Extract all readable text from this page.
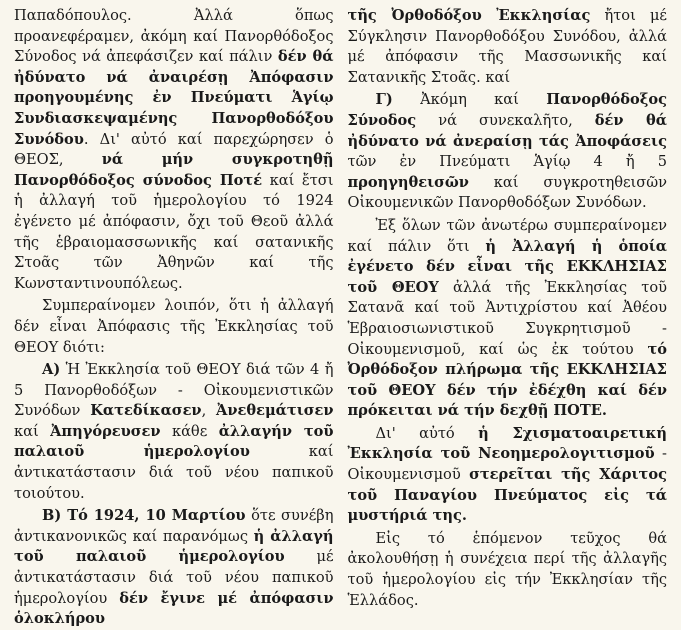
Παπαδόπουλος. Ἀλλά ὅπως προανεφέραμεν, ἀκόμη καί Πανορθόδοξος Σύνοδος νά ἀπεφάσιζεν καί πάλιν δέν θά ἠδύνατο νά ἀναιρέσῃ Ἀπόφασιν προηγουμένης ἐν Πνεύματι Ἁγίῳ Συνδιασκεψαμένης Πανορθοδόξου Συνόδου. Δι' αὐτό καί παρεχώρησεν ὁ ΘΕΟΣ, νά μήν συγκροτηθῇ Πανορθόδοξος σύνοδος Ποτέ καί ἔτσι ἡ ἀλλαγή τοῦ ἡμερολογίου τό 1924 ἐγένετο μέ ἀπόφασιν, ὄχι τοῦ Θεοῦ ἀλλά τῆς ἑβραιομασσωνικῆς καί σατανικῆς Στοᾶς τῶν Ἀθηνῶν καί τῆς Κωνσταντινουπόλεως.

Συμπεραίνομεν λοιπόν, ὅτι ἡ ἀλλαγή δέν εἶναι Ἀπόφασις τῆς Ἐκκλησίας τοῦ ΘΕΟΥ διότι:

Α) Ἡ Ἐκκλησία τοῦ ΘΕΟΥ διά τῶν 4 ἤ 5 Πανορθοδόξων - Οἰκουμενιστικῶν Συνόδων Κατεδίκασεν, Ἀνεθεμάτισεν καί Ἀπηγόρευσεν κάθε ἀλλαγήν τοῦ παλαιοῦ ἡμερολογίου καί ἀντικατάστασιν διά τοῦ νέου παπικοῦ τοιούτου.

Β) Τό 1924, 10 Μαρτίου ὅτε συνέβη ἀντικανονικῶς καί παρανόμως ἡ ἀλλαγή τοῦ παλαιοῦ ἡμερολογίου μέ ἀντικατάστασιν διά τοῦ νέου παπικοῦ ἡμερολογίου δέν ἔγινε μέ ἀπόφασιν ὁλοκλήρου

τῆς Ὀρθοδόξου Ἐκκλησίας ἤτοι μέ Σύγκλησιν Πανορθοδόξου Συνόδου, ἀλλά μέ ἀπόφασιν τῆς Μασσωνικῆς καί Σατανικῆς Στοᾶς. καί

Γ) Ἀκόμη καί Πανορθόδοξος Σύνοδος νά συνεκαλῆτο, δέν θά ἠδύνατο νά ἀνεραίσῃ τάς Ἀποφάσεις τῶν ἐν Πνεύματι Ἁγίῳ 4 ἤ 5 προηγηθεισῶν καί συγκροτηθεισῶν Οἰκουμενικῶν Πανορθοδόξων Συνόδων.

Ἐξ ὅλων τῶν ἀνωτέρω συμπεραίνομεν καί πάλιν ὅτι ἡ Ἀλλαγή ἡ ὁποία ἐγένετο δέν εἶναι τῆς ΕΚΚΛΗΣΙΑΣ τοῦ ΘΕΟΥ ἀλλά τῆς Ἐκκλησίας τοῦ Σατανᾶ καί τοῦ Ἀντιχρίστου καί Ἀθέου Ἑβραιοσιωνιστικοῦ Συγκρητισμοῦ - Οἰκουμενισμοῦ, καί ὡς ἐκ τούτου τό Ὀρθόδοξον πλήρωμα τῆς ΕΚΚΛΗΣΙΑΣ τοῦ ΘΕΟΥ δέν τήν ἐδέχθη καί δέν πρόκειται νά τήν δεχθῇ ΠΟΤΕ.

Δι' αὐτό ἡ Σχισματοαιρετική Ἐκκλησία τοῦ Νεοημερολογιτισμοῦ - Οἰκουμενισμοῦ στερεῖται τῆς Χάριτος τοῦ Παναγίου Πνεύματος εἰς τά μυστήριά της.

Εἰς τό ἑπόμενον τεῦχος θά ἀκολουθήσῃ ἡ συνέχεια περί τῆς ἀλλαγῆς τοῦ ἡμερολογίου εἰς τήν Ἐκκλησίαν τῆς Ἑλλάδος.
